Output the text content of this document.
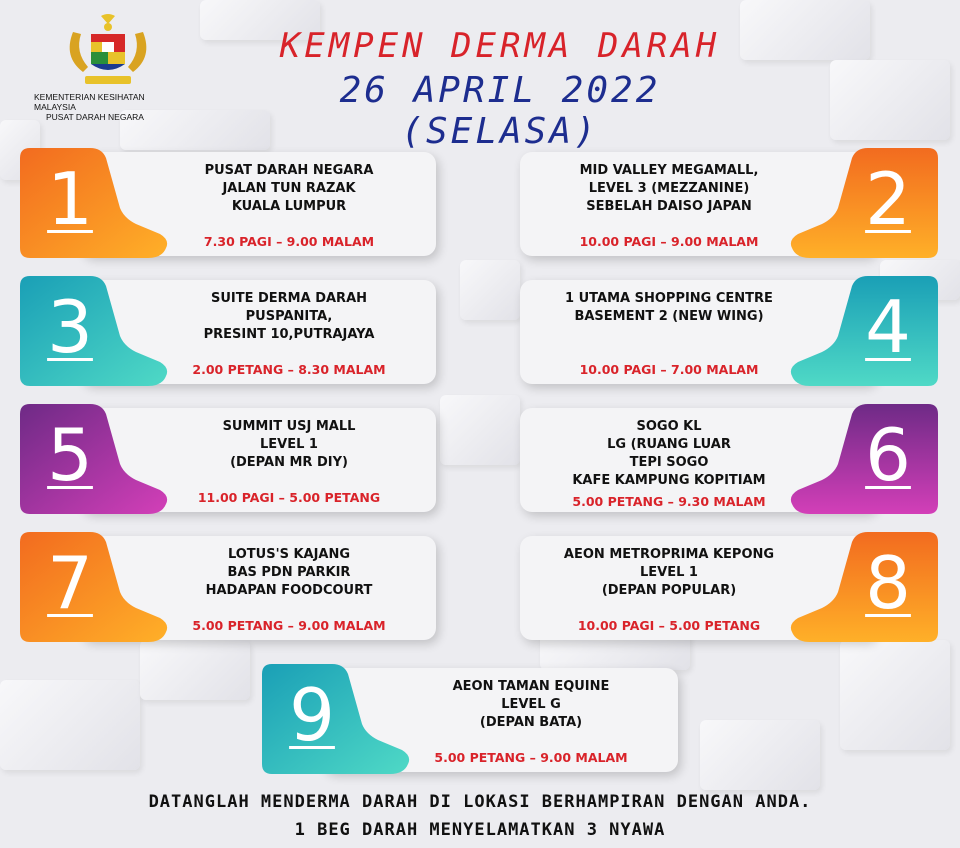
KEMENTERIAN KESIHATAN MALAYSIA
PUSAT DARAH NEGARA
KEMPEN DERMA DARAH
26 APRIL 2022 (SELASA)
1	PUSAT DARAH NEGARA
JALAN TUN RAZAK
KUALA LUMPUR
7.30 PAGI – 9.00 MALAM
2
MID VALLEY MEGAMALL,
LEVEL 3 (MEZZANINE)
SEBELAH DAISO JAPAN
10.00 PAGI – 9.00 MALAM
3	SUITE DERMA DARAH
PUSPANITA,
PRESINT 10,PUTRAJAYA
2.00 PETANG – 8.30 MALAM
4
1 UTAMA SHOPPING CENTRE
BASEMENT 2 (NEW WING)
10.00 PAGI – 7.00 MALAM
5	SUMMIT USJ MALL
LEVEL 1
(DEPAN MR DIY)
11.00 PAGI – 5.00 PETANG
6
SOGO KL
LG (RUANG LUAR
TEPI SOGO
KAFE KAMPUNG KOPITIAM
5.00 PETANG – 9.30 MALAM
7	LOTUS'S KAJANG
BAS PDN PARKIR
HADAPAN FOODCOURT
5.00 PETANG – 9.00 MALAM
8
AEON METROPRIMA KEPONG
LEVEL 1
(DEPAN POPULAR)
10.00 PAGI – 5.00 PETANG
9	AEON TAMAN EQUINE
LEVEL G
(DEPAN BATA)
5.00 PETANG – 9.00 MALAM
DATANGLAH MENDERMA DARAH DI LOKASI BERHAMPIRAN DENGAN ANDA.
1 BEG DARAH MENYELAMATKAN 3 NYAWA
